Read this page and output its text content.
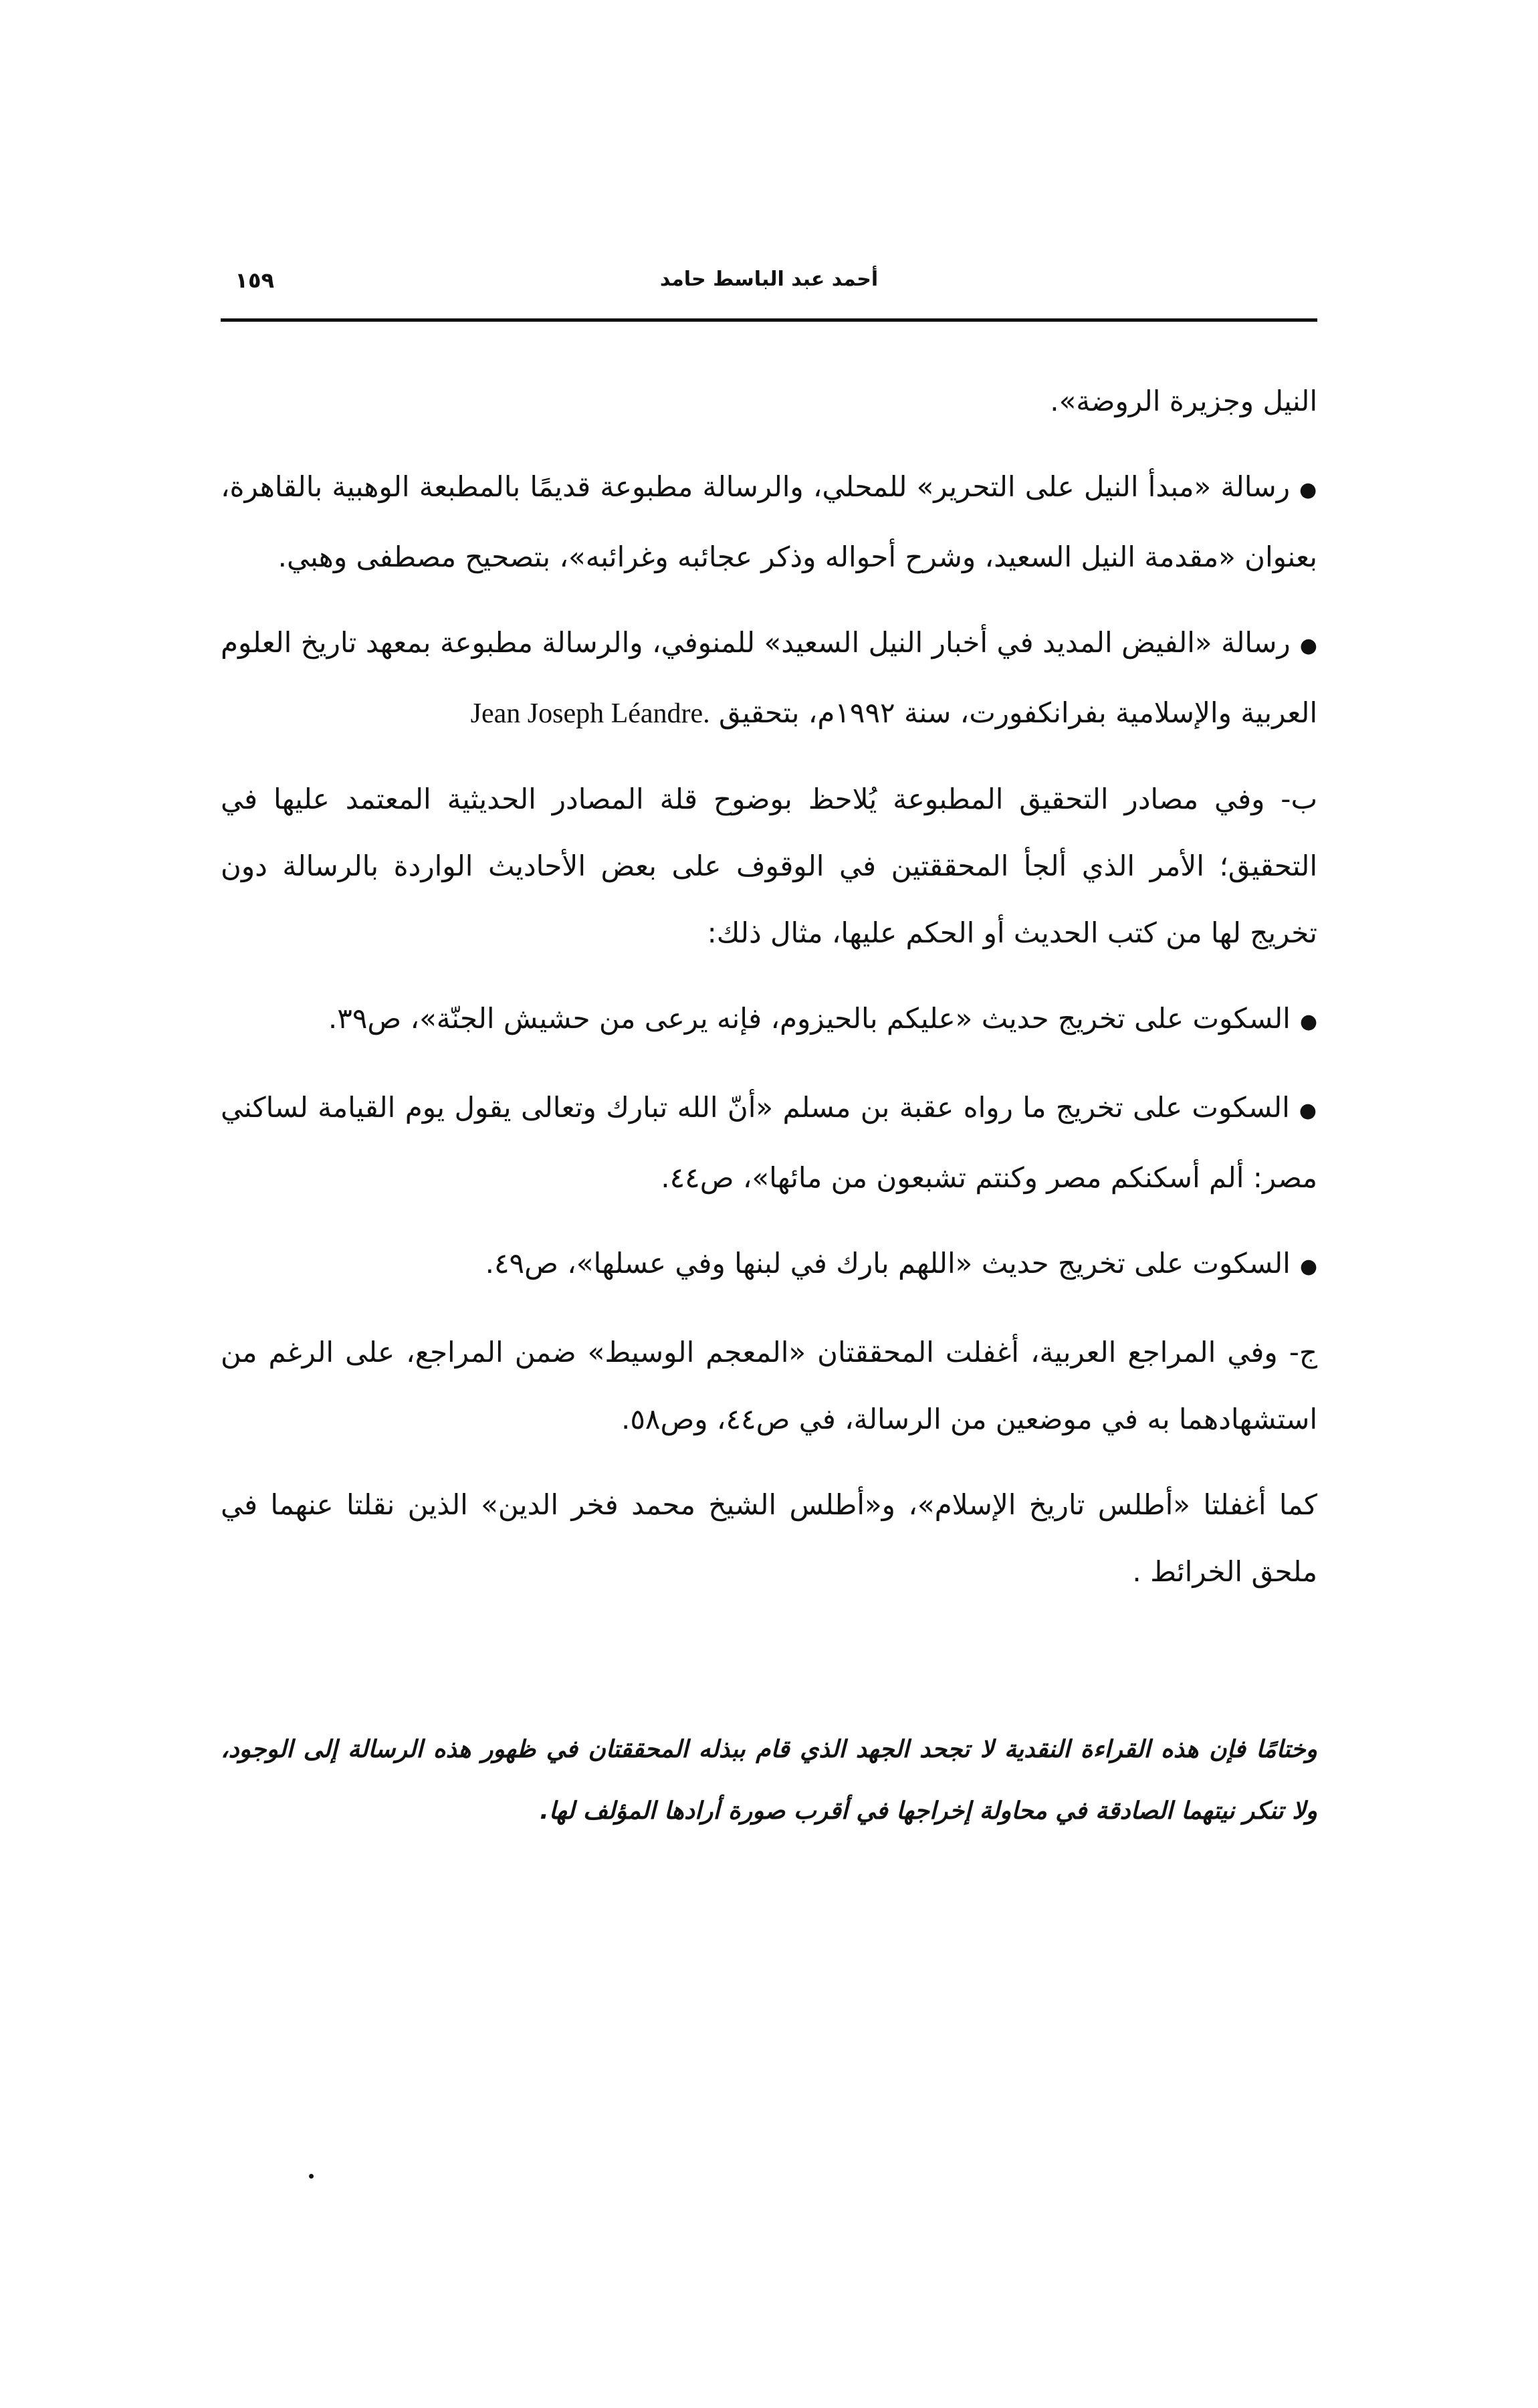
أحمد عبد الباسط حامد
١٥٩

النيل وجزيرة الروضة».

● رسالة «مبدأ النيل على التحرير» للمحلي، والرسالة مطبوعة قديمًا بالمطبعة الوهبية بالقاهرة، بعنوان «مقدمة النيل السعيد، وشرح أحواله وذكر عجائبه وغرائبه»، بتصحيح مصطفى وهبي.

● رسالة «الفيض المديد في أخبار النيل السعيد» للمنوفي، والرسالة مطبوعة بمعهد تاريخ العلوم العربية والإسلامية بفرانكفورت، سنة ١٩٩٢م، بتحقيق Jean Joseph Léandre.

ب- وفي مصادر التحقيق المطبوعة يُلاحظ بوضوح قلة المصادر الحديثية المعتمد عليها في التحقيق؛ الأمر الذي ألجأ المحققتين في الوقوف على بعض الأحاديث الواردة بالرسالة دون تخريج لها من كتب الحديث أو الحكم عليها، مثال ذلك:

● السكوت على تخريج حديث «عليكم بالحيزوم، فإنه يرعى من حشيش الجنّة»، ص٣٩.

● السكوت على تخريج ما رواه عقبة بن مسلم «أنّ الله تبارك وتعالى يقول يوم القيامة لساكني مصر: ألم أسكنكم مصر وكنتم تشبعون من مائها»، ص٤٤.

● السكوت على تخريج حديث «اللهم بارك في لبنها وفي عسلها»، ص٤٩.

ج- وفي المراجع العربية، أغفلت المحققتان «المعجم الوسيط» ضمن المراجع، على الرغم من استشهادهما به في موضعين من الرسالة، في ص٤٤، وص٥٨.

كما أغفلتا «أطلس تاريخ الإسلام»، و«أطلس الشيخ محمد فخر الدين» الذين نقلتا عنهما في ملحق الخرائط .

وختامًا فإن هذه القراءة النقدية لا تجحد الجهد الذي قام ببذله المحققتان في ظهور هذه الرسالة إلى الوجود، ولا تنكر نيتهما الصادقة في محاولة إخراجها في أقرب صورة أرادها المؤلف لها.
